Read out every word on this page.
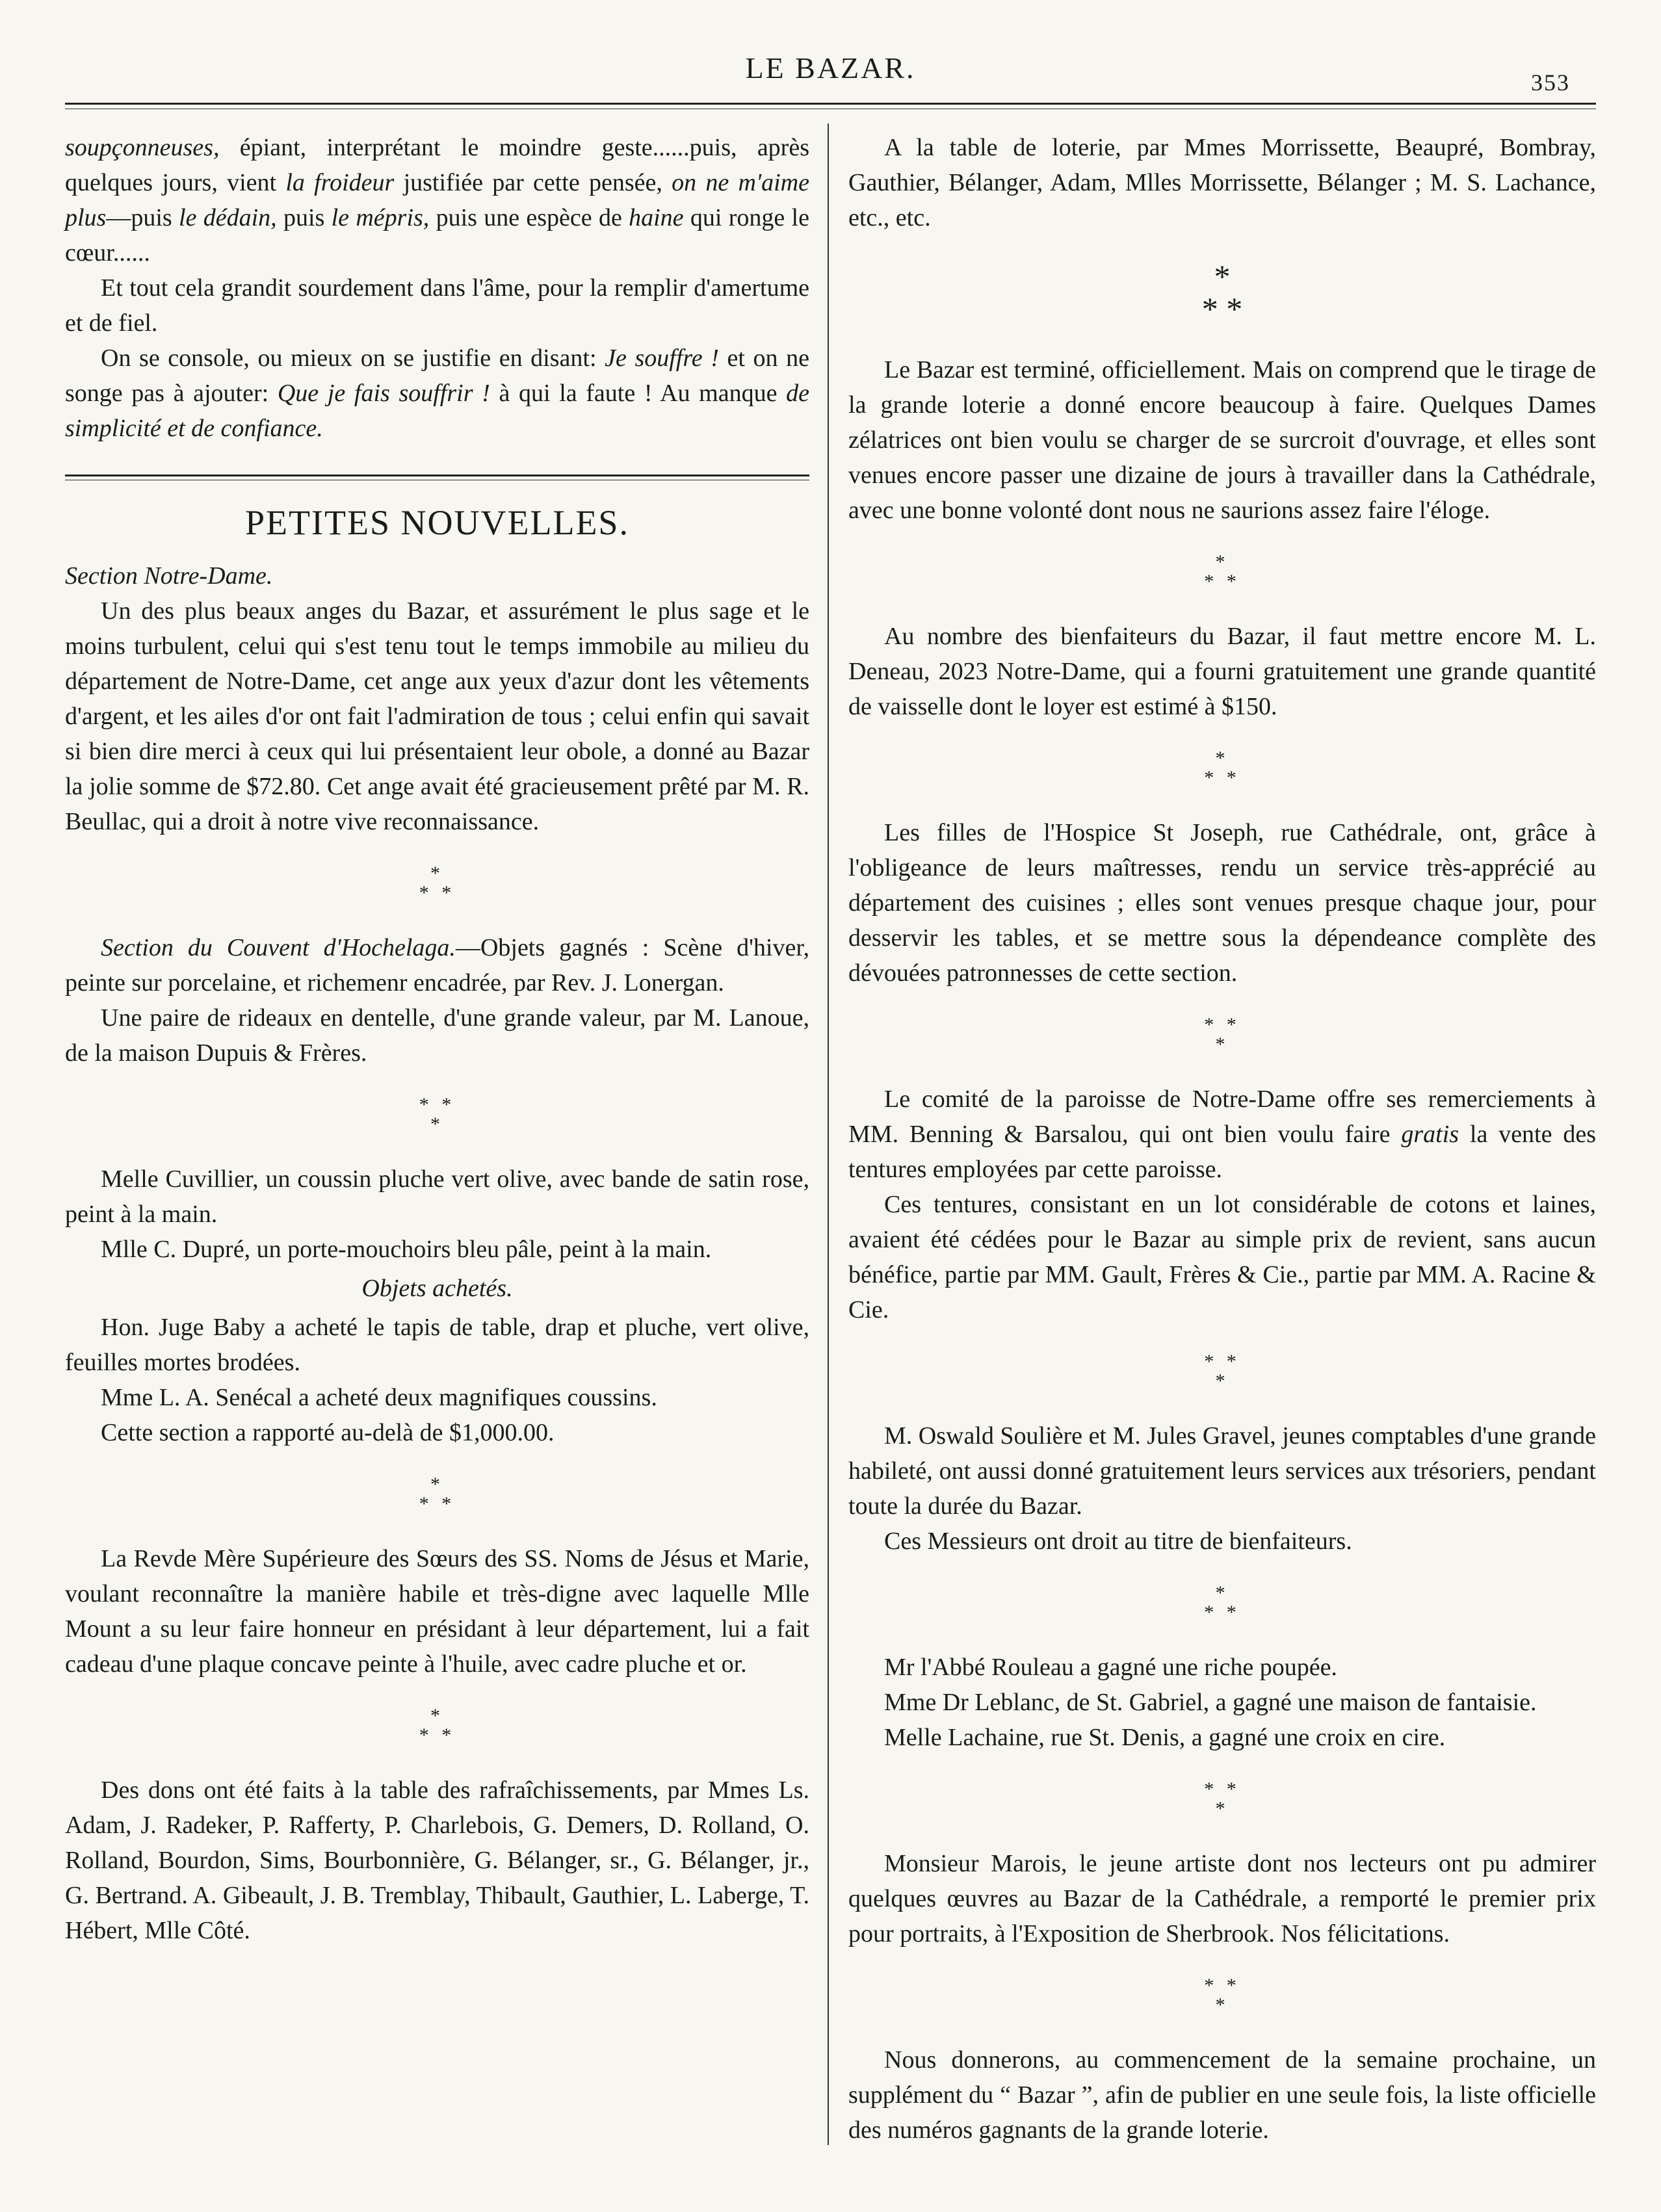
LE BAZAR.	353

soupçonneuses, épiant, interprétant le moindre geste......puis, après quelques jours, vient la froideur justifiée par cette pensée, on ne m'aime plus—puis le dédain, puis le mépris, puis une espèce de haine qui ronge le cœur......

Et tout cela grandit sourdement dans l'âme, pour la remplir d'amertume et de fiel.

On se console, ou mieux on se justifie en disant: Je souffre ! et on ne songe pas à ajouter: Que je fais souffrir ! à qui la faute ! Au manque de simplicité et de confiance.

PETITES NOUVELLES.

Section Notre-Dame.

Un des plus beaux anges du Bazar, et assurément le plus sage et le moins turbulent, celui qui s'est tenu tout le temps immobile au milieu du département de Notre-Dame, cet ange aux yeux d'azur dont les vêtements d'argent, et les ailes d'or ont fait l'admiration de tous ; celui enfin qui savait si bien dire merci à ceux qui lui présentaient leur obole, a donné au Bazar la jolie somme de $72.80. Cet ange avait été gracieusement prêté par M. R. Beullac, qui a droit à notre vive reconnaissance.

*
* *

Section du Couvent d'Hochelaga.—Objets gagnés : Scène d'hiver, peinte sur porcelaine, et richemenr encadrée, par Rev. J. Lonergan.

Une paire de rideaux en dentelle, d'une grande valeur, par M. Lanoue, de la maison Dupuis & Frères.

* *
*

Melle Cuvillier, un coussin pluche vert olive, avec bande de satin rose, peint à la main.

Mlle C. Dupré, un porte-mouchoirs bleu pâle, peint à la main.

Objets achetés.

Hon. Juge Baby a acheté le tapis de table, drap et pluche, vert olive, feuilles mortes brodées.

Mme L. A. Senécal a acheté deux magnifiques coussins.

Cette section a rapporté au-delà de $1,000.00.

*
* *

La Revde Mère Supérieure des Sœurs des SS. Noms de Jésus et Marie, voulant reconnaître la manière habile et très-digne avec laquelle Mlle Mount a su leur faire honneur en présidant à leur département, lui a fait cadeau d'une plaque concave peinte à l'huile, avec cadre pluche et or.

*
* *

Des dons ont été faits à la table des rafraîchissements, par Mmes Ls. Adam, J. Radeker, P. Rafferty, P. Charlebois, G. Demers, D. Rolland, O. Rolland, Bourdon, Sims, Bourbonnière, G. Bélanger, sr., G. Bélanger, jr., G. Bertrand. A. Gibeault, J. B. Tremblay, Thibault, Gauthier, L. Laberge, T. Hébert, Mlle Côté.

A la table de loterie, par Mmes Morrissette, Beaupré, Bombray, Gauthier, Bélanger, Adam, Mlles Morrissette, Bélanger ; M. S. Lachance, etc., etc.

*
* *

Le Bazar est terminé, officiellement. Mais on comprend que le tirage de la grande loterie a donné encore beaucoup à faire. Quelques Dames zélatrices ont bien voulu se charger de se surcroit d'ouvrage, et elles sont venues encore passer une dizaine de jours à travailler dans la Cathédrale, avec une bonne volonté dont nous ne saurions assez faire l'éloge.

*
* *

Au nombre des bienfaiteurs du Bazar, il faut mettre encore M. L. Deneau, 2023 Notre-Dame, qui a fourni gratuitement une grande quantité de vaisselle dont le loyer est estimé à $150.

*
* *

Les filles de l'Hospice St Joseph, rue Cathédrale, ont, grâce à l'obligeance de leurs maîtresses, rendu un service très-apprécié au département des cuisines ; elles sont venues presque chaque jour, pour desservir les tables, et se mettre sous la dépendeance complète des dévouées patronnesses de cette section.

* *
*

Le comité de la paroisse de Notre-Dame offre ses remerciements à MM. Benning & Barsalou, qui ont bien voulu faire gratis la vente des tentures employées par cette paroisse.

Ces tentures, consistant en un lot considérable de cotons et laines, avaient été cédées pour le Bazar au simple prix de revient, sans aucun bénéfice, partie par MM. Gault, Frères & Cie., partie par MM. A. Racine & Cie.

* *
*

M. Oswald Soulière et M. Jules Gravel, jeunes comptables d'une grande habileté, ont aussi donné gratuitement leurs services aux trésoriers, pendant toute la durée du Bazar.

Ces Messieurs ont droit au titre de bienfaiteurs.

*
* *

Mr l'Abbé Rouleau a gagné une riche poupée.

Mme Dr Leblanc, de St. Gabriel, a gagné une maison de fantaisie.

Melle Lachaine, rue St. Denis, a gagné une croix en cire.

* *
*

Monsieur Marois, le jeune artiste dont nos lecteurs ont pu admirer quelques œuvres au Bazar de la Cathédrale, a remporté le premier prix pour portraits, à l'Exposition de Sherbrook. Nos félicitations.

* *
*

Nous donnerons, au commencement de la semaine prochaine, un supplément du “ Bazar ”, afin de publier en une seule fois, la liste officielle des numéros gagnants de la grande loterie.
